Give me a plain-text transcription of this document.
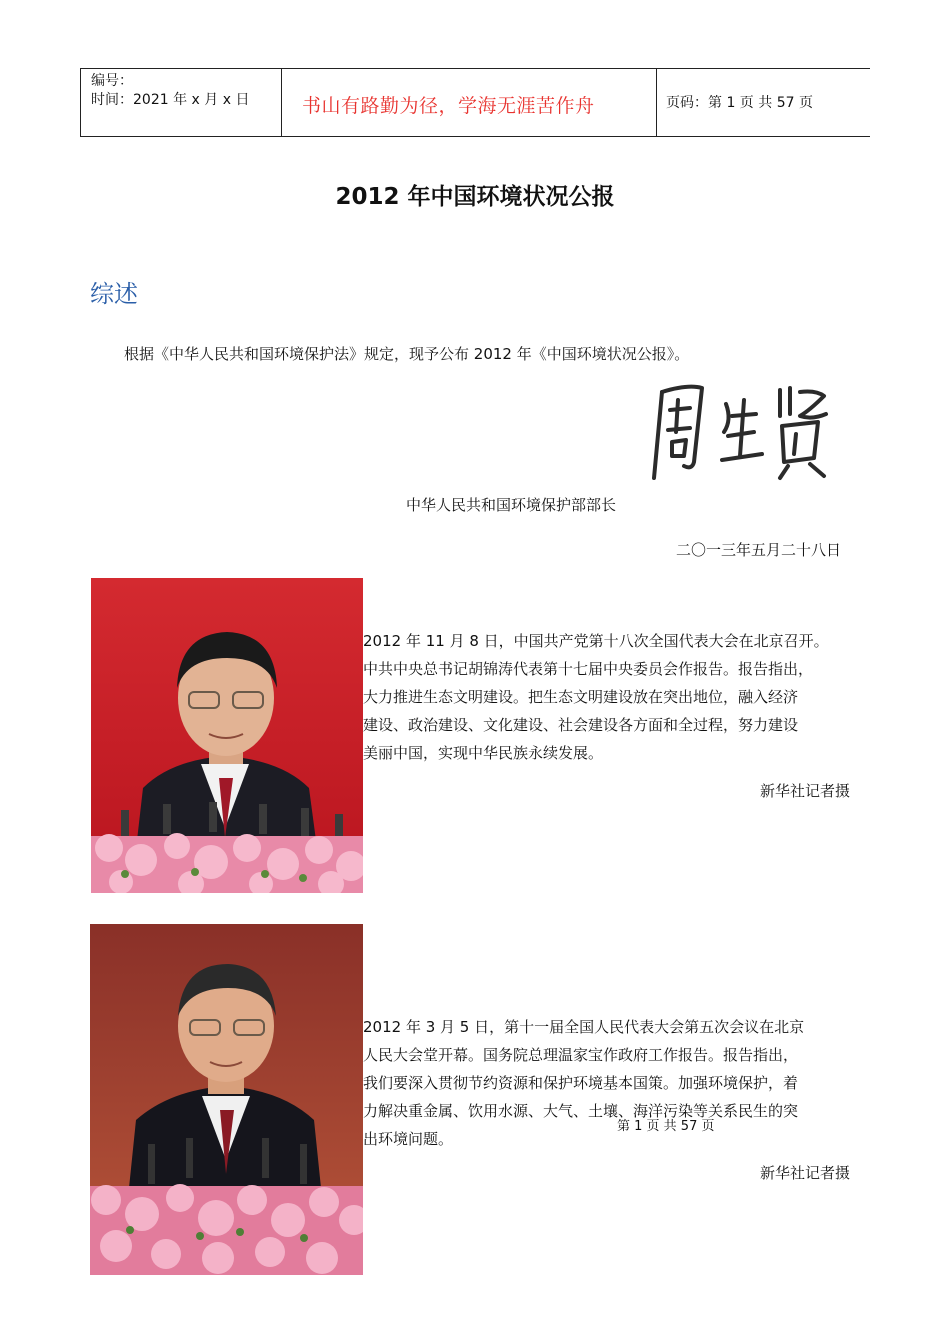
编号：
时间：2021 年 x 月 x 日	书山有路勤为径，学海无涯苦作舟	页码：第 1 页 共 57 页
2012 年中国环境状况公报
综述
根据《中华人民共和国环境保护法》规定，现予公布 2012 年《中国环境状况公报》。
中华人民共和国环境保护部部长
二〇一三年五月二十八日
2012 年 11 月 8 日，中国共产党第十八次全国代表大会在北京召开。
中共中央总书记胡锦涛代表第十七届中央委员会作报告。报告指出，
大力推进生态文明建设。把生态文明建设放在突出地位，融入经济
建设、政治建设、文化建设、社会建设各方面和全过程，努力建设
美丽中国，实现中华民族永续发展。
新华社记者摄
2012 年 3 月 5 日，第十一届全国人民代表大会第五次会议在北京
人民大会堂开幕。国务院总理温家宝作政府工作报告。报告指出，
我们要深入贯彻节约资源和保护环境基本国策。加强环境保护，着
力解决重金属、饮用水源、大气、土壤、海洋污染等关系民生的突
出环境问题。
第 1 页 共 57 页
新华社记者摄
